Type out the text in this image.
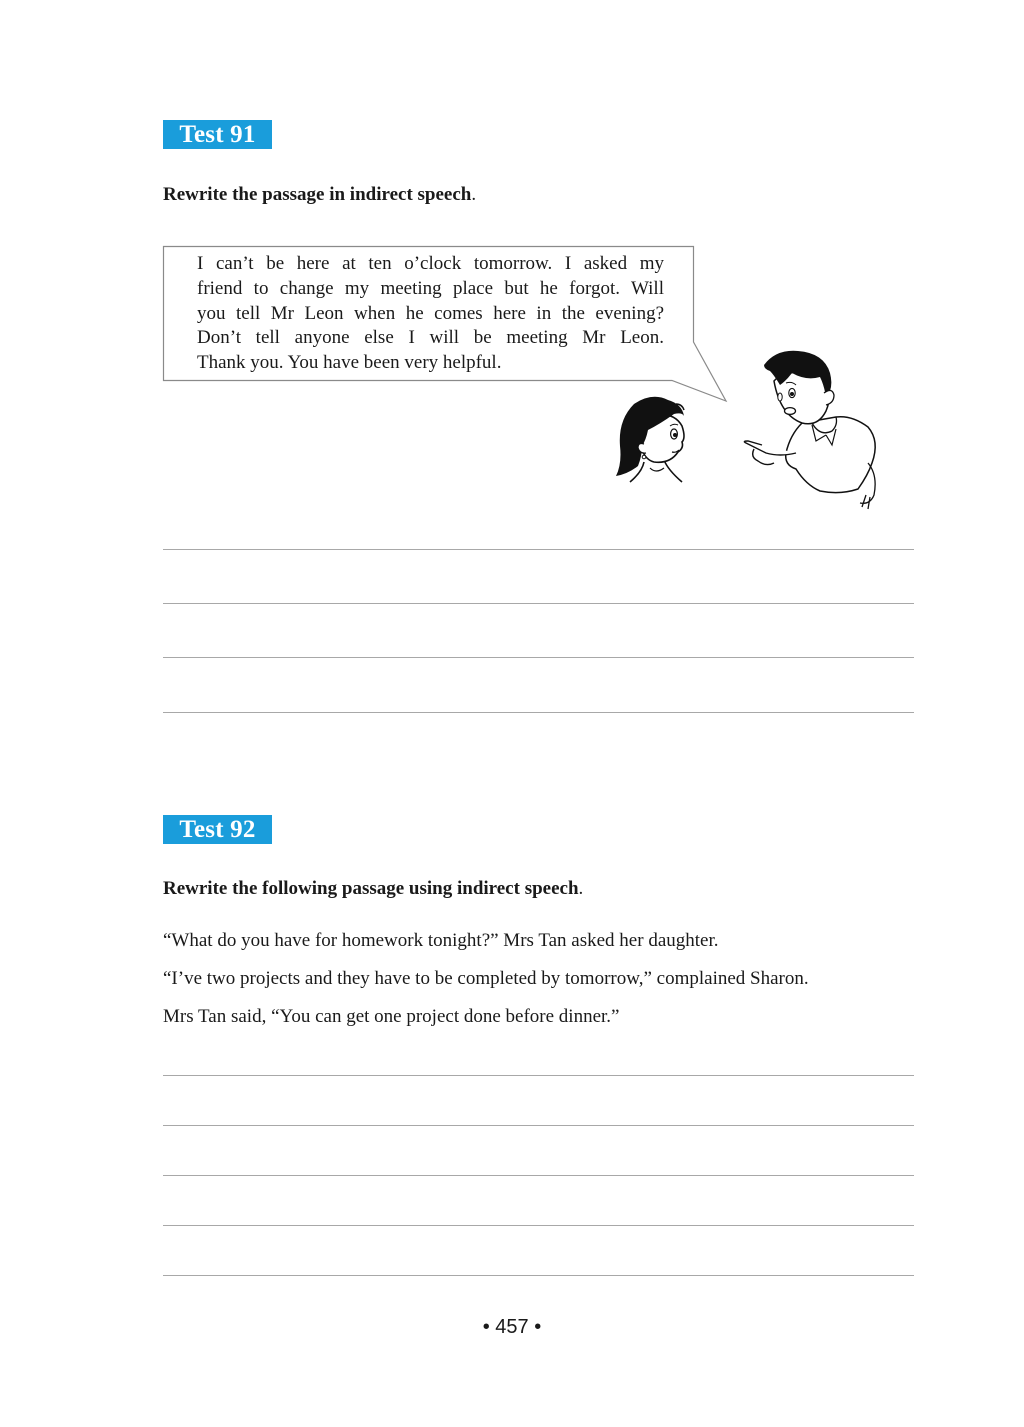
Test 91
Rewrite the passage in indirect speech.
I can’t be here at ten o’clock tomorrow. I asked my
friend to change my meeting place but he forgot. Will
you tell Mr Leon when he comes here in the evening?
Don’t tell anyone else I will be meeting Mr Leon.
Thank you. You have been very helpful.
Test 92
Rewrite the following passage using indirect speech.
“What do you have for homework tonight?” Mrs Tan asked her daughter.
“I’ve two projects and they have to be completed by tomorrow,” complained Sharon.
Mrs Tan said, “You can get one project done before dinner.”
• 457 •
